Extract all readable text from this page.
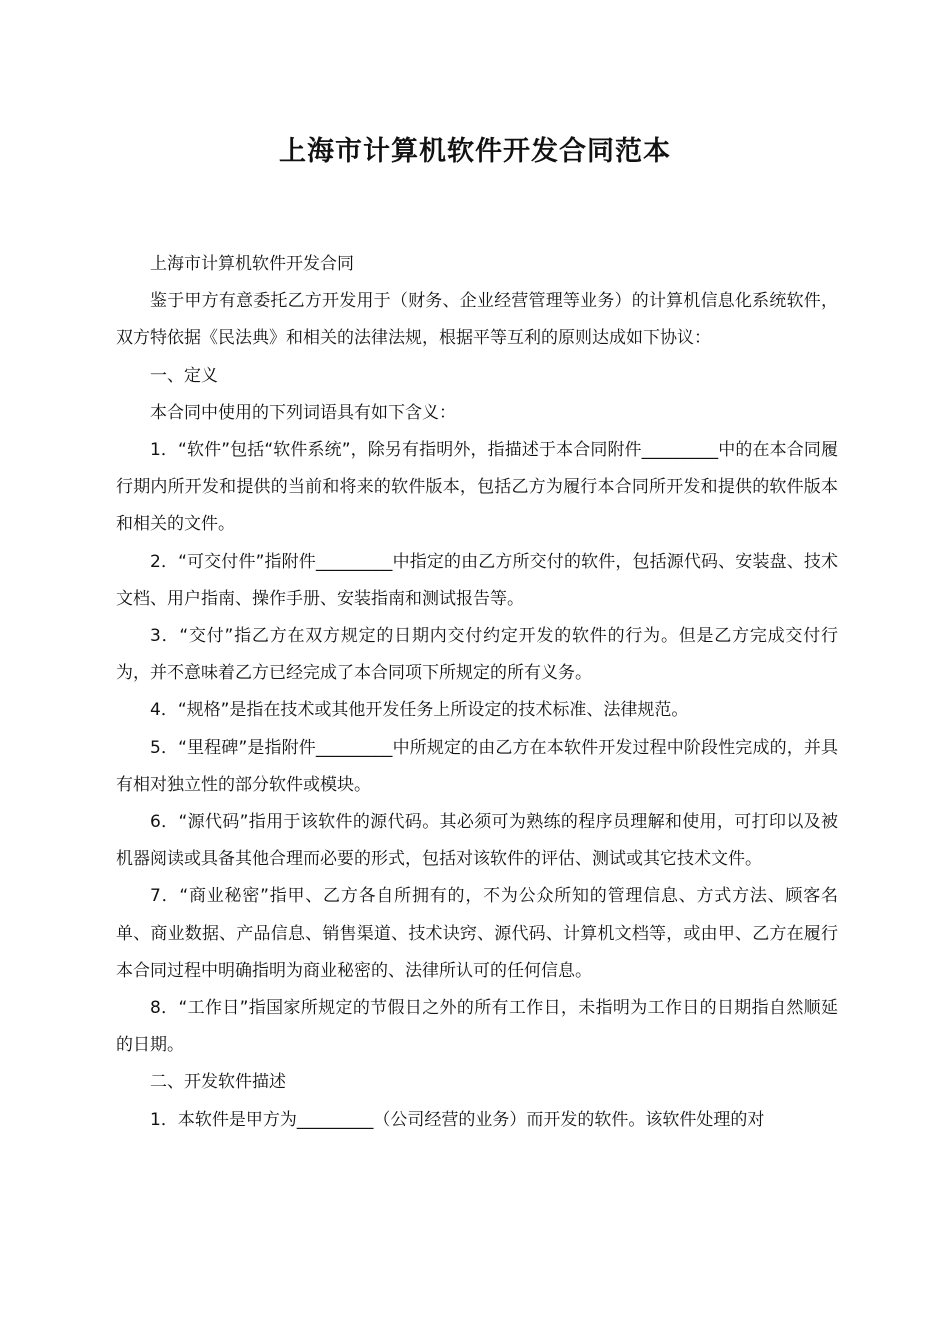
上海市计算机软件开发合同范本

上海市计算机软件开发合同

鉴于甲方有意委托乙方开发用于（财务、企业经营管理等业务）的计算机信息化系统软件，双方特依据《民法典》和相关的法律法规，根据平等互利的原则达成如下协议：

一、定义

本合同中使用的下列词语具有如下含义：

1．“软件”包括“软件系统”，除另有指明外，指描述于本合同附件_________中的在本合同履行期内所开发和提供的当前和将来的软件版本，包括乙方为履行本合同所开发和提供的软件版本和相关的文件。

2．“可交付件”指附件_________中指定的由乙方所交付的软件，包括源代码、安装盘、技术文档、用户指南、操作手册、安装指南和测试报告等。

3．“交付”指乙方在双方规定的日期内交付约定开发的软件的行为。但是乙方完成交付行为，并不意味着乙方已经完成了本合同项下所规定的所有义务。

4．“规格”是指在技术或其他开发任务上所设定的技术标准、法律规范。

5．“里程碑”是指附件_________中所规定的由乙方在本软件开发过程中阶段性完成的，并具有相对独立性的部分软件或模块。

6．“源代码”指用于该软件的源代码。其必须可为熟练的程序员理解和使用，可打印以及被机器阅读或具备其他合理而必要的形式，包括对该软件的评估、测试或其它技术文件。

7．“商业秘密”指甲、乙方各自所拥有的，不为公众所知的管理信息、方式方法、顾客名单、商业数据、产品信息、销售渠道、技术诀窍、源代码、计算机文档等，或由甲、乙方在履行本合同过程中明确指明为商业秘密的、法律所认可的任何信息。

8．“工作日”指国家所规定的节假日之外的所有工作日，未指明为工作日的日期指自然顺延的日期。

二、开发软件描述

1．本软件是甲方为_________（公司经营的业务）而开发的软件。该软件处理的对
